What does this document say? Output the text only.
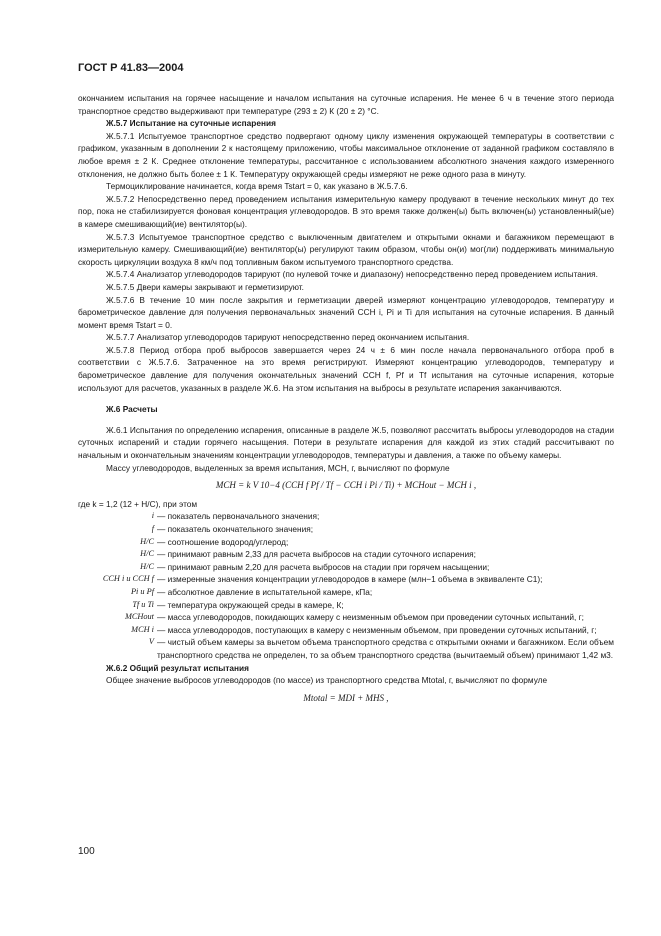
ГОСТ Р 41.83—2004

окончанием испытания на горячее насыщение и началом испытания на суточные испарения. Не менее 6 ч в течение этого периода транспортное средство выдерживают при температуре (293 ± 2) К (20 ± 2) °С.

Ж.5.7 Испытание на суточные испарения

Ж.5.7.1 Испытуемое транспортное средство подвергают одному циклу изменения окружающей температуры в соответствии с графиком, указанным в дополнении 2 к настоящему приложению, чтобы максимальное отклонение от заданной графиком составляло в любое время ± 2 К. Среднее отклонение температуры, рассчитанное с использованием абсолютного значения каждого измеренного отклонения, не должно быть более ± 1 К. Температуру окружающей среды измеряют не реже одного раза в минуту.

Термоциклирование начинается, когда время Tstart = 0, как указано в Ж.5.7.6.

Ж.5.7.2 Непосредственно перед проведением испытания измерительную камеру продувают в течение нескольких минут до тех пор, пока не стабилизируется фоновая концентрация углеводородов. В это время также должен(ы) быть включен(ы) установленный(ые) в камере смешивающий(ие) вентилятор(ы).

Ж.5.7.3 Испытуемое транспортное средство с выключенным двигателем и открытыми окнами и багажником перемещают в измерительную камеру. Смешивающий(ие) вентилятор(ы) регулируют таким образом, чтобы он(и) мог(ли) поддерживать минимальную скорость циркуляции воздуха 8 км/ч под топливным баком испытуемого транспортного средства.

Ж.5.7.4 Анализатор углеводородов тарируют (по нулевой точке и диапазону) непосредственно перед проведением испытания.

Ж.5.7.5 Двери камеры закрывают и герметизируют.

Ж.5.7.6 В течение 10 мин после закрытия и герметизации дверей измеряют концентрацию углеводородов, температуру и барометрическое давление для получения первоначальных значений CCH i, Pi и Ti для испытания на суточные испарения. В данный момент время Tstart = 0.

Ж.5.7.7 Анализатор углеводородов тарируют непосредственно перед окончанием испытания.

Ж.5.7.8 Период отбора проб выбросов завершается через 24 ч ± 6 мин после начала первоначального отбора проб в соответствии с Ж.5.7.6. Затраченное на это время регистрируют. Измеряют концентрацию углеводородов, температуру и барометрическое давление для получения окончательных значений CCH f, Pf и Tf испытания на суточные испарения, которые используют для расчетов, указанных в разделе Ж.6. На этом испытания на выбросы в результате испарения заканчиваются.

Ж.6 Расчеты

Ж.6.1 Испытания по определению испарения, описанные в разделе Ж.5, позволяют рассчитать выбросы углеводородов на стадии суточных испарений и стадии горячего насыщения. Потери в результате испарения для каждой из этих стадий рассчитывают по начальным и окончательным значениям концентрации углеводородов, температуры и давления, а также по объему камеры.

Массу углеводородов, выделенных за время испытания, MCH, г, вычисляют по формуле

MCH = k V 10−4 (CCH f Pf / Tf − CCH i Pi / Ti) + MCHout − MCH i ,

где k = 1,2 (12 + H/C), при этом

i — показатель первоначального значения;
f — показатель окончательного значения;
H/C — соотношение водород/углерод;
H/C — принимают равным 2,33 для расчета выбросов на стадии суточного испарения;
H/C — принимают равным 2,20 для расчета выбросов на стадии при горячем насыщении;
CCH i и CCH f — измеренные значения концентрации углеводородов в камере (млн−1 объема в эквиваленте С1);
Pi и Pf — абсолютное давление в испытательной камере, кПа;
Tf и Ti — температура окружающей среды в камере, К;
MCHout — масса углеводородов, покидающих камеру с неизменным объемом при проведении суточных испытаний, г;
MCH i — масса углеводородов, поступающих в камеру с неизменным объемом, при проведении суточных испытаний, г;
V — чистый объем камеры за вычетом объема транспортного средства с открытыми окнами и багажником. Если объем транспортного средства не определен, то за объем транспортного средства (вычитаемый объем) принимают 1,42 м3.

Ж.6.2 Общий результат испытания

Общее значение выбросов углеводородов (по массе) из транспортного средства Mtotal, г, вычисляют по формуле

Mtotal = MDI + MHS ,
100
